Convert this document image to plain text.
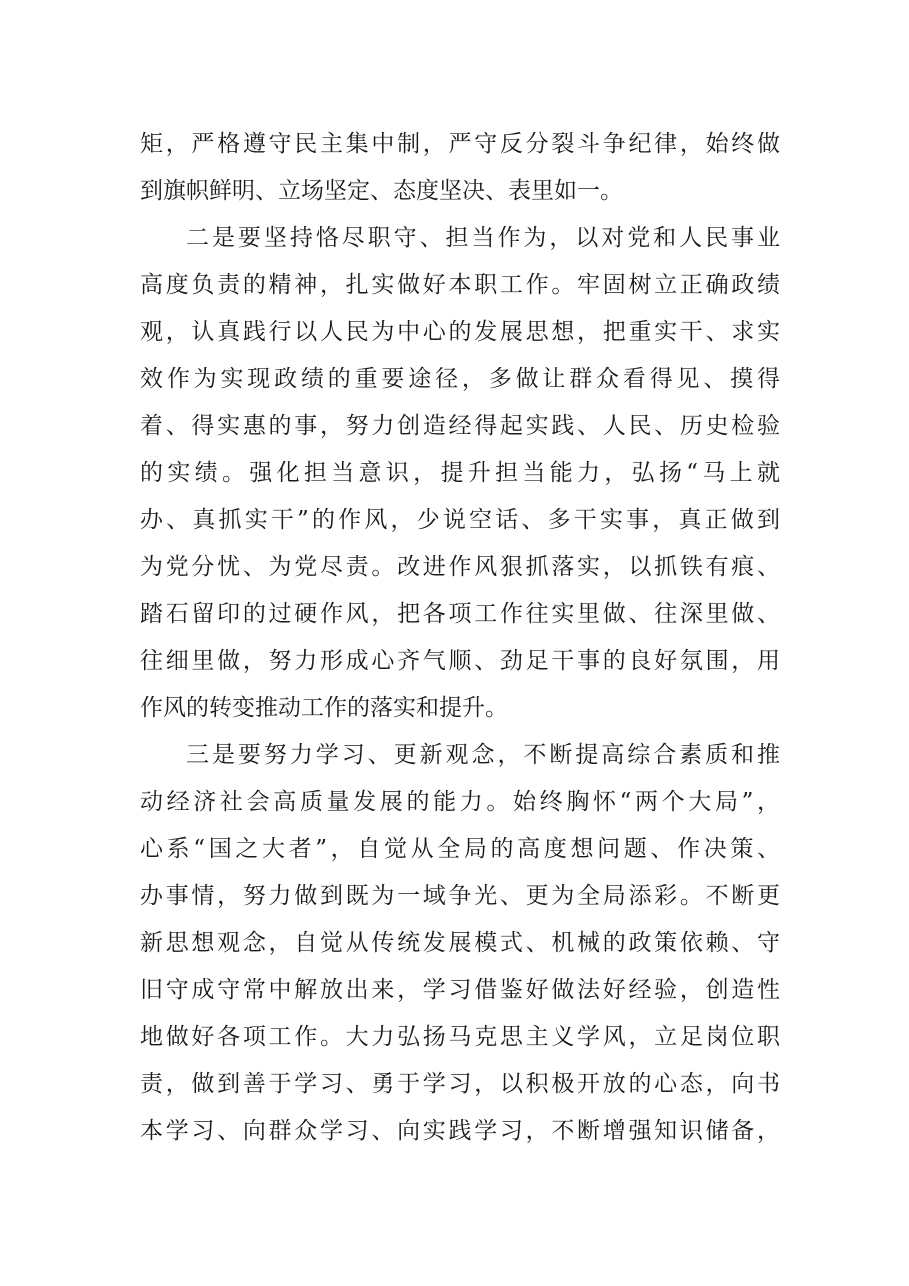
矩，严格遵守民主集中制，严守反分裂斗争纪律，始终做
到旗帜鲜明、立场坚定、态度坚决、表里如一。
二是要坚持恪尽职守、担当作为，以对党和人民事业
高度负责的精神，扎实做好本职工作。牢固树立正确政绩
观，认真践行以人民为中心的发展思想，把重实干、求实
效作为实现政绩的重要途径，多做让群众看得见、摸得
着、得实惠的事，努力创造经得起实践、人民、历史检验
的实绩。强化担当意识，提升担当能力，弘扬“马上就
办、真抓实干”的作风，少说空话、多干实事，真正做到
为党分忧、为党尽责。改进作风狠抓落实，以抓铁有痕、
踏石留印的过硬作风，把各项工作往实里做、往深里做、
往细里做，努力形成心齐气顺、劲足干事的良好氛围，用
作风的转变推动工作的落实和提升。
三是要努力学习、更新观念，不断提高综合素质和推
动经济社会高质量发展的能力。始终胸怀“两个大局”，
心系“国之大者”，自觉从全局的高度想问题、作决策、
办事情，努力做到既为一域争光、更为全局添彩。不断更
新思想观念，自觉从传统发展模式、机械的政策依赖、守
旧守成守常中解放出来，学习借鉴好做法好经验，创造性
地做好各项工作。大力弘扬马克思主义学风，立足岗位职
责，做到善于学习、勇于学习，以积极开放的心态，向书
本学习、向群众学习、向实践学习，不断增强知识储备，
